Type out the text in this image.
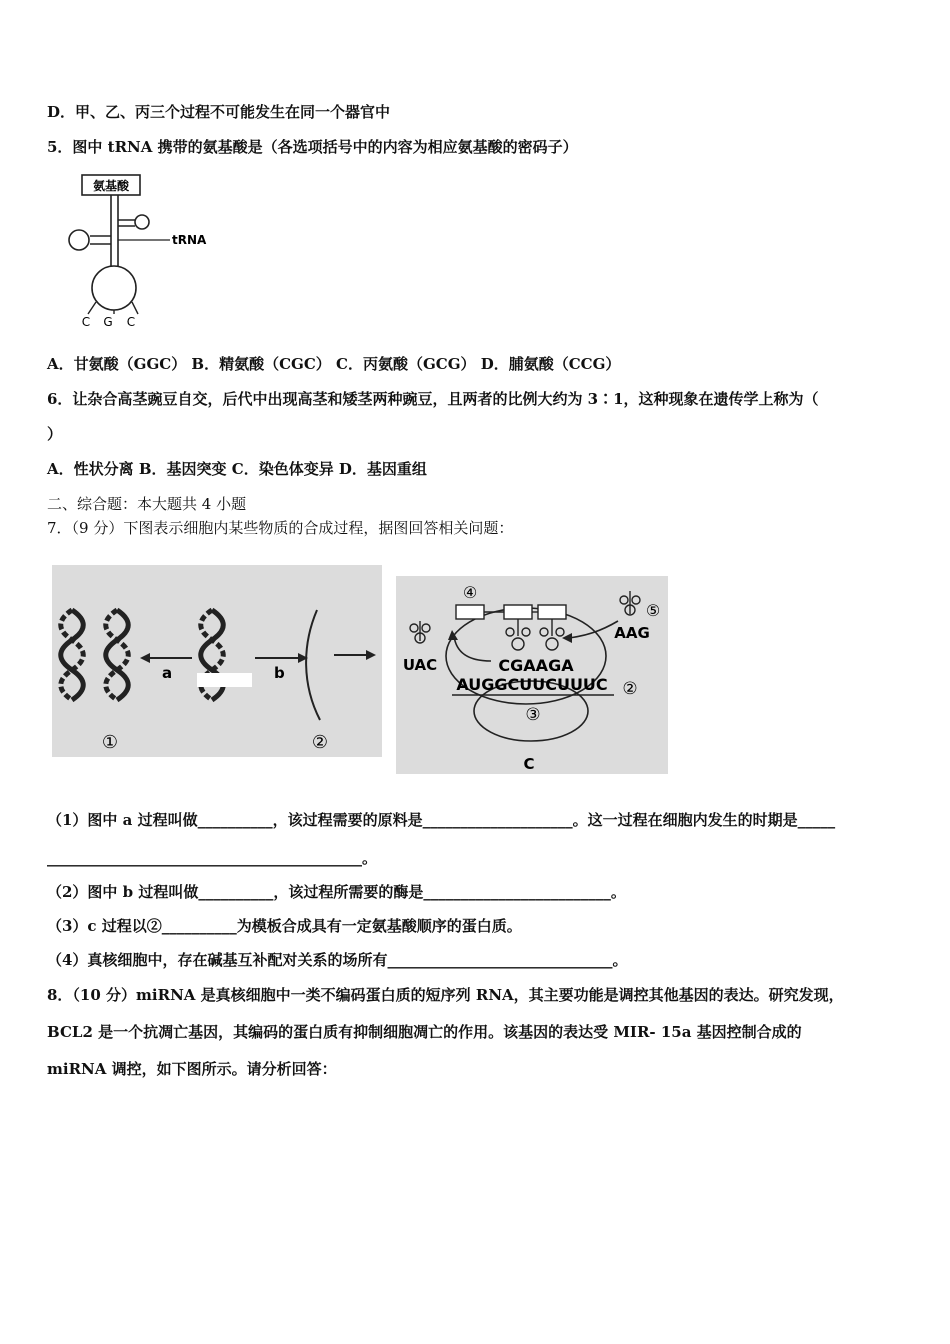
D．甲、乙、丙三个过程不可能发生在同一个器官中
5．图中 tRNA 携带的氨基酸是（各选项括号中的内容为相应氨基酸的密码子）
氨基酸
tRNA
C G C
A．甘氨酸（GGC） B．精氨酸（CGC） C．丙氨酸（GCG） D．脯氨酸（CCG）
6．让杂合高茎豌豆自交，后代中出现高茎和矮茎两种豌豆，且两者的比例大约为 3∶1，这种现象在遗传学上称为（
）
A．性状分离 B．基因突变 C．染色体变异 D．基因重组
二、综合题：本大题共 4 小题
7．（9 分）下图表示细胞内某些物质的合成过程，据图回答相关问题：
a	b
①	②
④
UAC
⑤
AAG
CGAAGA
AUGGCUUCUUUC ②
③
C
（1）图中 a 过程叫做__________，该过程需要的原料是____________________。这一过程在细胞内发生的时期是_____
__________________________________________。
（2）图中 b 过程叫做__________，该过程所需要的酶是_________________________。
（3）c 过程以②__________为模板合成具有一定氨基酸顺序的蛋白质。
（4）真核细胞中，存在碱基互补配对关系的场所有______________________________。
8．（10 分）miRNA 是真核细胞中一类不编码蛋白质的短序列 RNA，其主要功能是调控其他基因的表达。研究发现，
BCL2 是一个抗凋亡基因，其编码的蛋白质有抑制细胞凋亡的作用。该基因的表达受 MIR- 15a 基因控制合成的
miRNA 调控，如下图所示。请分析回答：
